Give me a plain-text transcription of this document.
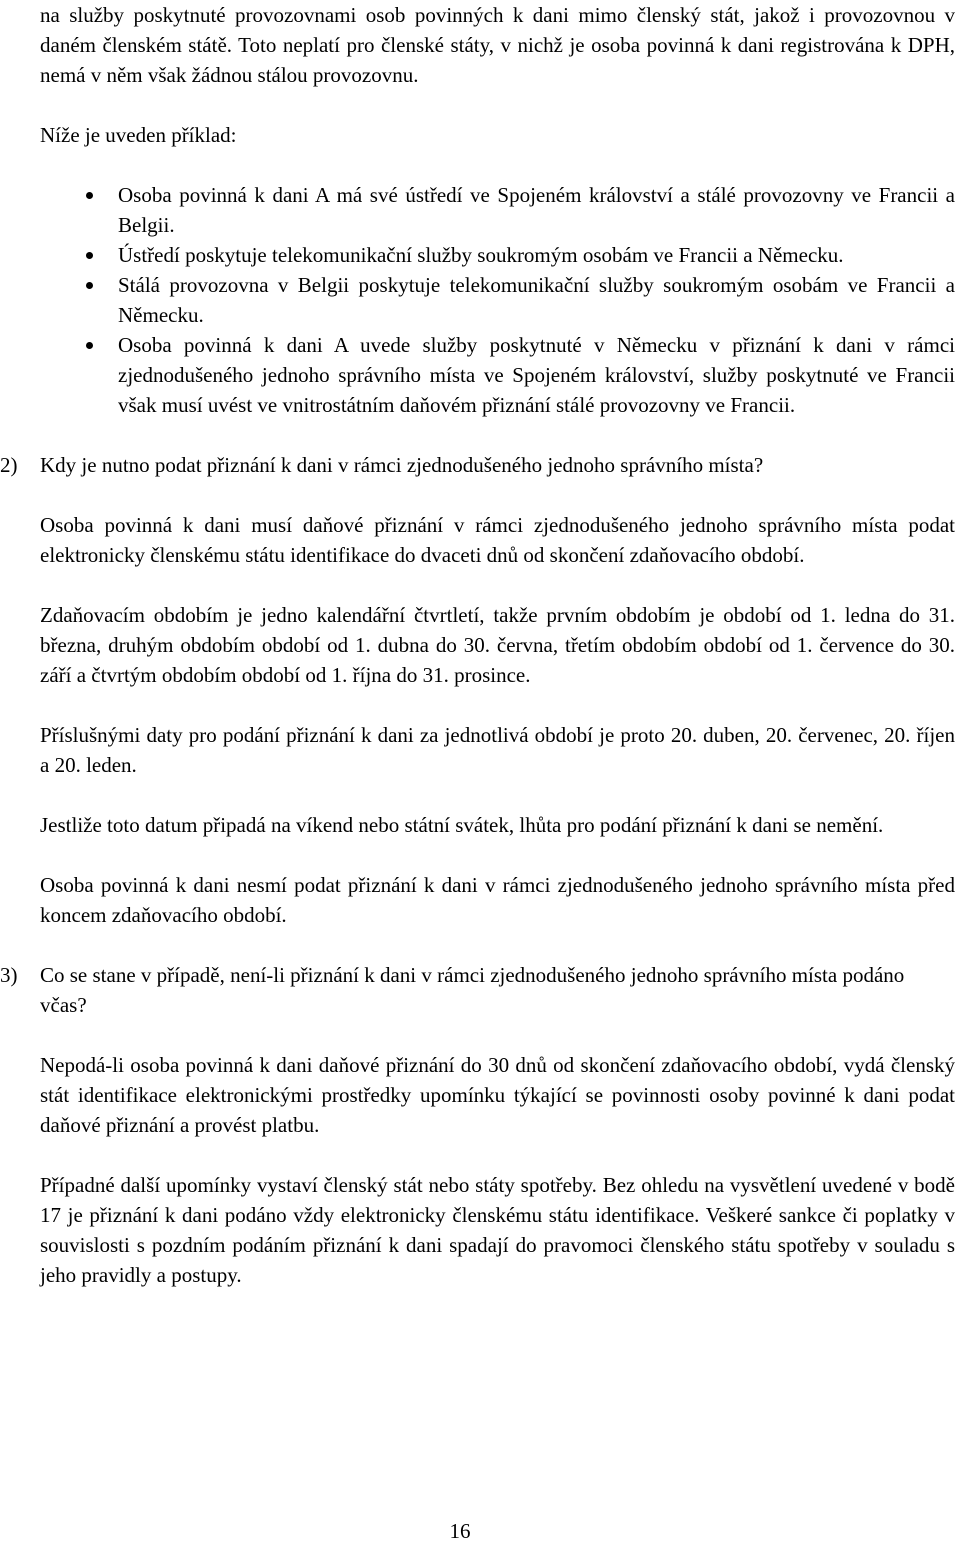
na služby poskytnuté provozovnami osob povinných k dani mimo členský stát, jakož i provozovnou v daném členském státě. Toto neplatí pro členské státy, v nichž je osoba povinná k dani registrována k DPH, nemá v něm však žádnou stálou provozovnu.

Níže je uveden příklad:

Osoba povinná k dani A má své ústředí ve Spojeném království a stálé provozovny ve Francii a Belgii.
Ústředí poskytuje telekomunikační služby soukromým osobám ve Francii a Německu.
Stálá provozovna v Belgii poskytuje telekomunikační služby soukromým osobám ve Francii a Německu.
Osoba povinná k dani A uvede služby poskytnuté v Německu v přiznání k dani v rámci zjednodušeného jednoho správního místa ve Spojeném království, služby poskytnuté ve Francii však musí uvést ve vnitrostátním daňovém přiznání stálé provozovny ve Francii.
2)	Kdy je nutno podat přiznání k dani v rámci zjednodušeného jednoho správního místa?

Osoba povinná k dani musí daňové přiznání v rámci zjednodušeného jednoho správního místa podat elektronicky členskému státu identifikace do dvaceti dnů od skončení zdaňovacího období.

Zdaňovacím obdobím je jedno kalendářní čtvrtletí, takže prvním obdobím je období od 1. ledna do 31. března, druhým obdobím období od 1. dubna do 30. června, třetím obdobím období od 1. července do 30. září a čtvrtým obdobím období od 1. října do 31. prosince.

Příslušnými daty pro podání přiznání k dani za jednotlivá období je proto 20. duben, 20. červenec, 20. říjen a 20. leden.

Jestliže toto datum připadá na víkend nebo státní svátek, lhůta pro podání přiznání k dani se nemění.

Osoba povinná k dani nesmí podat přiznání k dani v rámci zjednodušeného jednoho správního místa před koncem zdaňovacího období.

3)	Co se stane v případě, není-li přiznání k dani v rámci zjednodušeného jednoho správního místa podáno včas?

Nepodá-li osoba povinná k dani daňové přiznání do 30 dnů od skončení zdaňovacího období, vydá členský stát identifikace elektronickými prostředky upomínku týkající se povinnosti osoby povinné k dani podat daňové přiznání a provést platbu.

Případné další upomínky vystaví členský stát nebo státy spotřeby. Bez ohledu na vysvětlení uvedené v bodě 17 je přiznání k dani podáno vždy elektronicky členskému státu identifikace. Veškeré sankce či poplatky v souvislosti s pozdním podáním přiznání k dani spadají do pravomoci členského státu spotřeby v souladu s jeho pravidly a postupy.

16
